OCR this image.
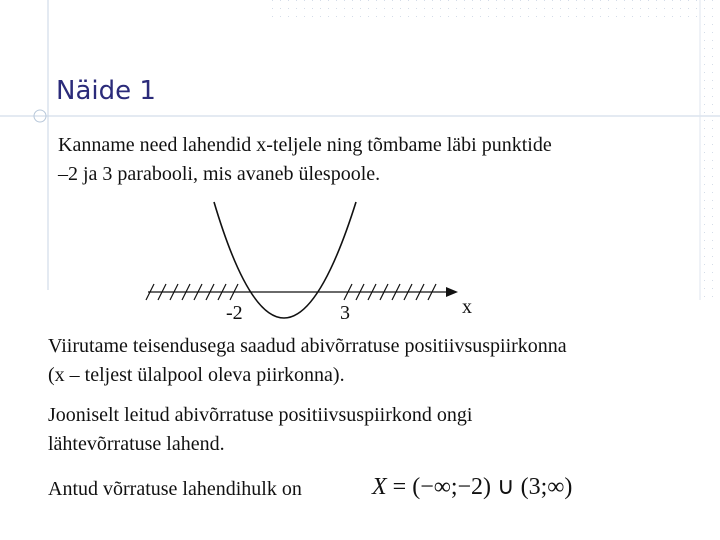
Näide 1
Kanname need lahendid x-teljele ning tõmbame läbi punktide
–2 ja 3 parabooli, mis avaneb ülespoole.
-2	3	x
Viirutame teisendusega saadud abivõrratuse positiivsuspiirkonna
(x – teljest ülalpool oleva piirkonna).
Jooniselt leitud abivõrratuse positiivsuspiirkond ongi
lähtevõrratuse lahend.
Antud võrratuse lahendihulk on	X = (−∞;−2) ∪ (3;∞)
